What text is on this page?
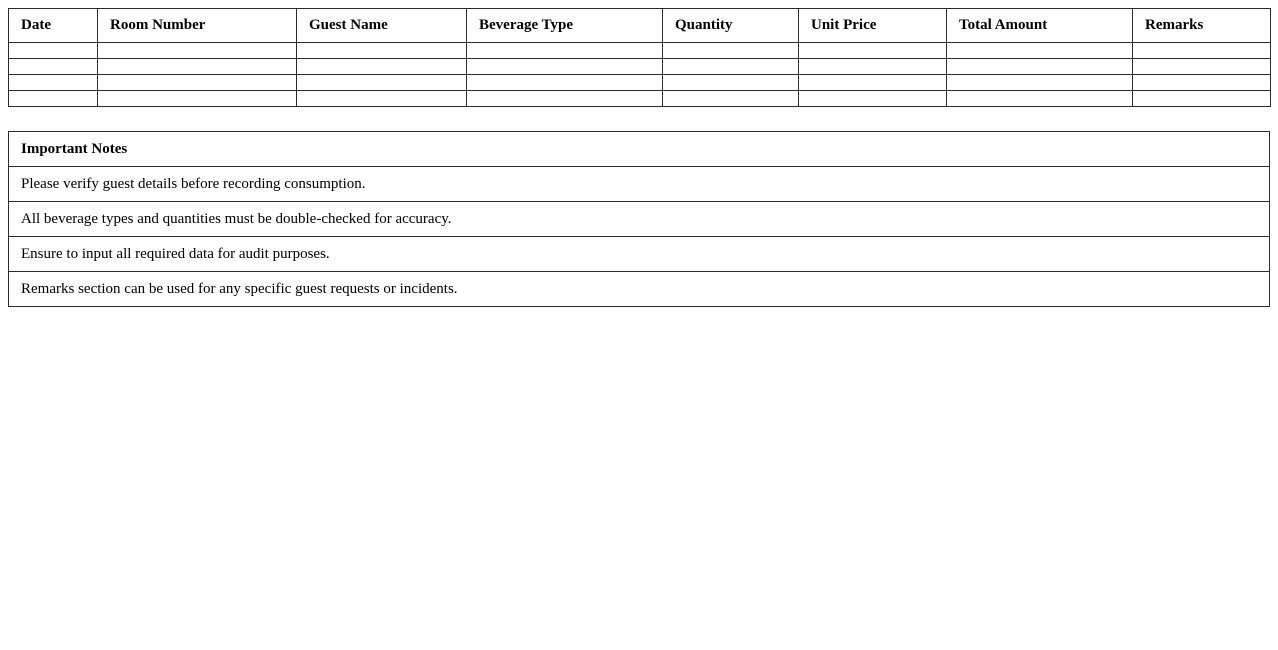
Date	Room Number	Guest Name	Beverage Type	Quantity	Unit Price	Total Amount	Remarks

Important Notes
Please verify guest details before recording consumption.
All beverage types and quantities must be double-checked for accuracy.
Ensure to input all required data for audit purposes.
Remarks section can be used for any specific guest requests or incidents.
